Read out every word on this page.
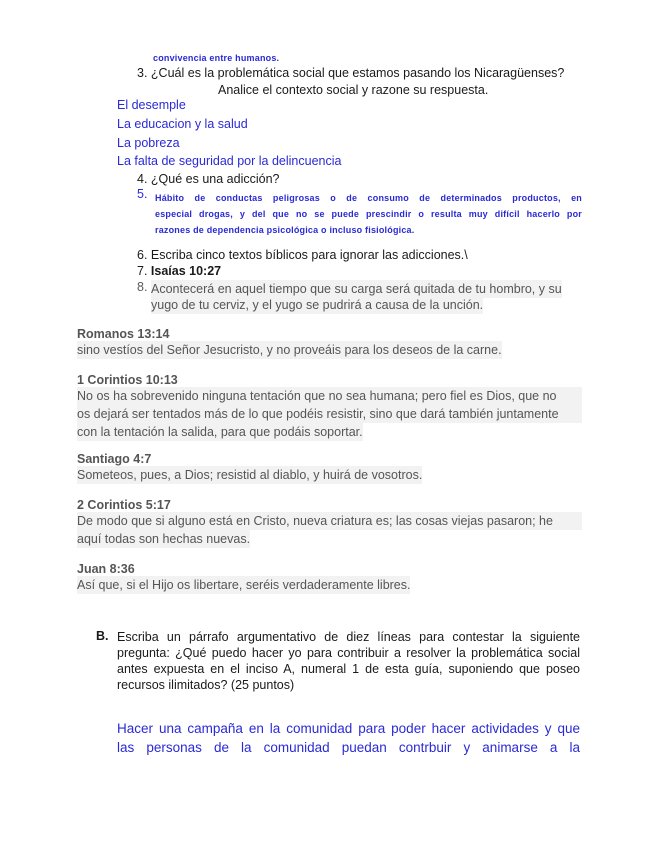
convivencia entre humanos.
3. ¿Cuál es la problemática social que estamos pasando los Nicaragüenses?
Analice el contexto social y razone su respuesta.
El desemple
La educacion y la salud
La pobreza
La falta de seguridad por la delincuencia
4. ¿Qué es una adicción?
5. Hábito de conductas peligrosas o de consumo de determinados productos, en
especial drogas, y del que no se puede prescindir o resulta muy difícil hacerlo por
razones de dependencia psicológica o incluso fisiológica.
6. Escriba cinco textos bíblicos para ignorar las adicciones.\
7. Isaías 10:27
8. Acontecerá en aquel tiempo que su carga será quitada de tu hombro, y su
yugo de tu cerviz, y el yugo se pudrirá a causa de la unción.
Romanos 13:14
sino vestíos del Señor Jesucristo, y no proveáis para los deseos de la carne.
1 Corintios 10:13
No os ha sobrevenido ninguna tentación que no sea humana; pero fiel es Dios, que no
os dejará ser tentados más de lo que podéis resistir, sino que dará también juntamente
con la tentación la salida, para que podáis soportar.
Santiago 4:7
Someteos, pues, a Dios; resistid al diablo, y huirá de vosotros.
2 Corintios 5:17
De modo que si alguno está en Cristo, nueva criatura es; las cosas viejas pasaron; he
aquí todas son hechas nuevas.
Juan 8:36
Así que, si el Hijo os libertare, seréis verdaderamente libres.
B. Escriba un párrafo argumentativo de diez líneas para contestar la siguiente
pregunta: ¿Qué puedo hacer yo para contribuir a resolver la problemática social
antes expuesta en el inciso A, numeral 1 de esta guía, suponiendo que poseo
recursos ilimitados? (25 puntos)
Hacer una campaña en la comunidad para poder hacer actividades y que
las personas de la comunidad puedan contrbuir y animarse a la
